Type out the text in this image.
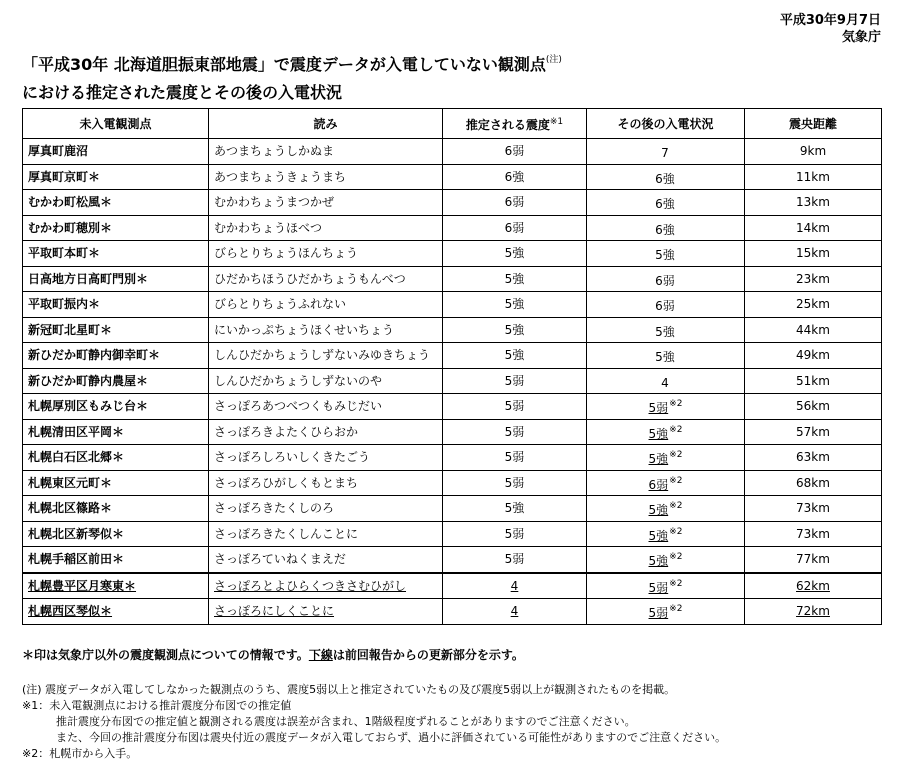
平成30年9月7日
気象庁
「平成30年 北海道胆振東部地震」で震度データが入電していない観測点$^{(注)}$
における推定された震度とその後の入電状況
未入電観測点	読み	推定される震度$^{※1}$	その後の入電状況	震央距離
厚真町鹿沼	あつまちょうしかぬま	6弱	7	9km
厚真町京町＊	あつまちょうきょうまち	6強	6強	11km
むかわ町松風＊	むかわちょうまつかぜ	6弱	6強	13km
むかわ町穂別＊	むかわちょうほべつ	6弱	6強	14km
平取町本町＊	びらとりちょうほんちょう	5強	5強	15km
日高地方日高町門別＊	ひだかちほうひだかちょうもんべつ	5強	6弱	23km
平取町振内＊	びらとりちょうふれない	5強	6弱	25km
新冠町北星町＊	にいかっぷちょうほくせいちょう	5強	5強	44km
新ひだか町静内御幸町＊	しんひだかちょうしずないみゆきちょう	5強	5強	49km
新ひだか町静内農屋＊	しんひだかちょうしずないのや	5弱	4	51km
札幌厚別区もみじ台＊	さっぽろあつべつくもみじだい	5弱	5弱$^{※2}$	56km
札幌清田区平岡＊	さっぽろきよたくひらおか	5弱	5強$^{※2}$	57km
札幌白石区北郷＊	さっぽろしろいしくきたごう	5弱	5強$^{※2}$	63km
札幌東区元町＊	さっぽろひがしくもとまち	5弱	6弱$^{※2}$	68km
札幌北区篠路＊	さっぽろきたくしのろ	5強	5強$^{※2}$	73km
札幌北区新琴似＊	さっぽろきたくしんことに	5弱	5強$^{※2}$	73km
札幌手稲区前田＊	さっぽろていねくまえだ	5弱	5強$^{※2}$	77km
札幌豊平区月寒東＊	さっぽろとよひらくつきさむひがし	4	5弱$^{※2}$	62km
札幌西区琴似＊	さっぽろにしくことに	4	5弱$^{※2}$	72km
＊印は気象庁以外の震度観測点についての情報です。下線は前回報告からの更新部分を示す。
(注) 震度データが入電してしなかった観測点のうち、震度5弱以上と推定されていたもの及び震度5弱以上が観測されたものを掲載。
※1：未入電観測点における推計震度分布図での推定値
推計震度分布図での推定値と観測される震度は誤差が含まれ、1階級程度ずれることがありますのでご注意ください。
また、今回の推計震度分布図は震央付近の震度データが入電しておらず、過小に評価されている可能性がありますのでご注意ください。
※2：札幌市から入手。
